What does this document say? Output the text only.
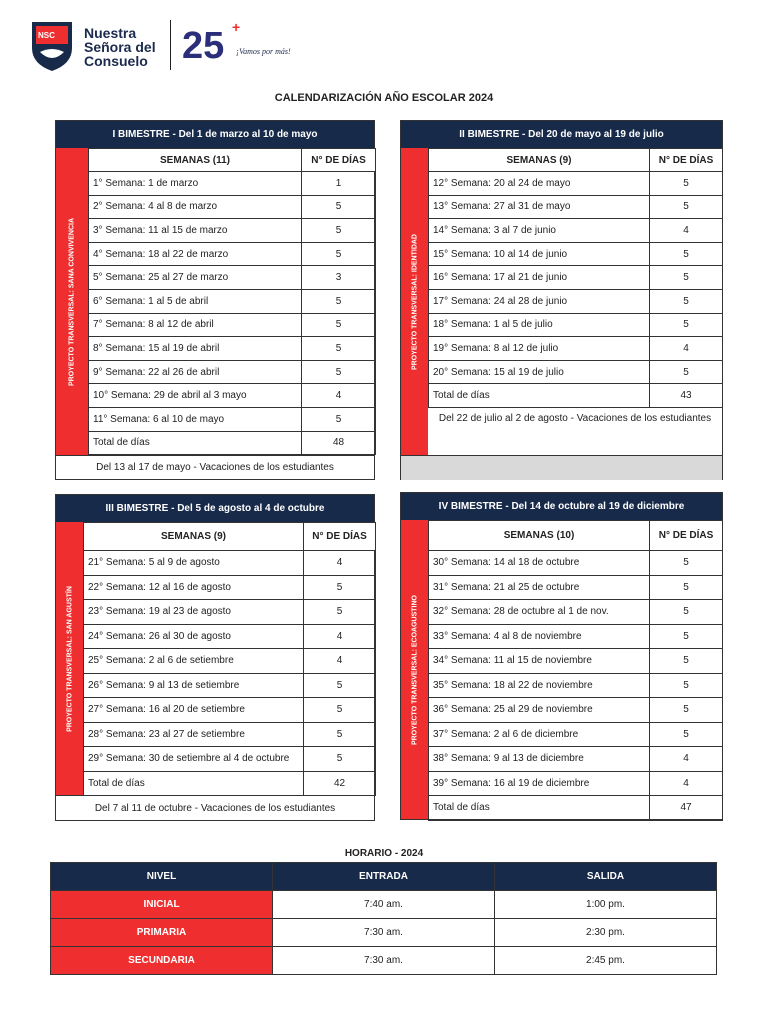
NSC Nuestra
Señora del
Consuelo 25 +
¡Vamos por más!
CALENDARIZACIÓN AÑO ESCOLAR 2024
I BIMESTRE - Del 1 de marzo al 10 de mayo
PROYECTO TRANSVERSAL: SANA CONVIVENCIA
SEMANAS (11)	N° DE DÍAS
1° Semana: 1 de marzo	1
2° Semana: 4 al 8 de marzo	5
3° Semana: 11 al 15 de marzo	5
4° Semana: 18 al 22 de marzo	5
5° Semana: 25 al 27 de marzo	3
6° Semana: 1 al 5 de abril	5
7° Semana: 8 al 12 de abril	5
8° Semana: 15 al 19 de abril	5
9° Semana: 22 al 26 de abril	5
10° Semana: 29 de abril al 3 mayo	4
11° Semana: 6 al 10 de mayo	5
Total de días	48
Del 13 al 17 de mayo - Vacaciones de los estudiantes
II BIMESTRE - Del 20 de mayo al 19 de julio
PROYECTO TRANSVERSAL: IDENTIDAD
SEMANAS (9)	N° DE DÍAS
12° Semana: 20 al 24 de mayo	5
13° Semana: 27 al 31 de mayo	5
14° Semana: 3 al 7 de junio	4
15° Semana: 10 al 14 de junio	5
16° Semana: 17 al 21 de junio	5
17° Semana: 24 al 28 de junio	5
18° Semana: 1 al 5 de julio	5
19° Semana: 8 al 12 de julio	4
20° Semana: 15 al 19 de julio	5
Total de días	43
Del 22 de julio al 2 de agosto - Vacaciones de los estudiantes
III BIMESTRE - Del 5 de agosto al 4 de octubre
PROYECTO TRANSVERSAL: SAN AGUSTÍN
SEMANAS (9)	N° DE DÍAS
21° Semana: 5 al 9 de agosto	4
22° Semana: 12 al 16 de agosto	5
23° Semana: 19 al 23 de agosto	5
24° Semana: 26 al 30 de agosto	4
25° Semana: 2 al 6 de setiembre	4
26° Semana: 9 al 13 de setiembre	5
27° Semana: 16 al 20 de setiembre	5
28° Semana: 23 al 27 de setiembre	5
29° Semana: 30 de setiembre al 4 de octubre	5
Total de días	42
Del 7 al 11 de octubre - Vacaciones de los estudiantes
IV BIMESTRE - Del 14 de octubre al 19 de diciembre
PROYECTO TRANSVERSAL: ECOAGUSTINO
SEMANAS (10)	N° DE DÍAS
30° Semana: 14 al 18 de octubre	5
31° Semana: 21 al 25 de octubre	5
32° Semana: 28 de octubre al 1 de nov.	5
33° Semana: 4 al 8 de noviembre	5
34° Semana: 11 al 15 de noviembre	5
35° Semana: 18 al 22 de noviembre	5
36° Semana: 25 al 29 de noviembre	5
37° Semana: 2 al 6 de diciembre	5
38° Semana: 9 al 13 de diciembre	4
39° Semana: 16 al 19 de diciembre	4
Total de días	47
HORARIO - 2024
NIVEL	ENTRADA	SALIDA
INICIAL	7:40 am.	1:00 pm.
PRIMARIA	7:30 am.	2:30 pm.
SECUNDARIA	7:30 am.	2:45 pm.
